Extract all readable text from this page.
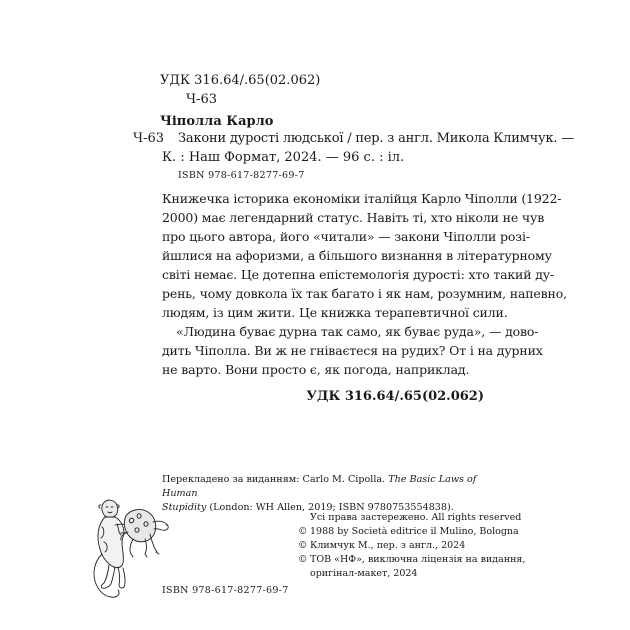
УДК 316.64/.65(02.062)
Ч-63
Чіполла Карло
Ч-63 Закони дурості людської / пер. з англ. Микола Климчук. —
К. : Наш Формат, 2024. — 96 с. : іл.
ISBN 978-617-8277-69-7
Книжечка історика економіки італійця Карло Чіполли (1922-
2000) має легендарний статус. Навіть ті, хто ніколи не чув
про цього автора, його «читали» — закони Чіполли розі-
йшлися на афоризми, а більшого визнання в літературному
світі немає. Це дотепна епістемологія дурості: хто такий ду-
рень, чому довкола їх так багато і як нам, розумним, напевно,
людям, із цим жити. Це книжка терапевтичної сили.
«Людина буває дурна так само, як буває руда», — дово-
дить Чіполла. Ви ж не гніваєтеся на рудих? От і на дурних
не варто. Вони просто є, як погода, наприклад.
УДК 316.64/.65(02.062)
Перекладено за виданням: Carlo M. Cipolla. The Basic Laws of Human
Stupidity (London: WH Allen, 2019; ISBN 9780753554838).
ISBN 978-617-8277-69-7
Усі права застережено. All rights reserved
© 1988 by Società editrice il Mulino, Bologna
© Климчук М., пер. з англ., 2024
© ТОВ «НФ», виключна ліцензія на видання,
оригінал-макет, 2024
